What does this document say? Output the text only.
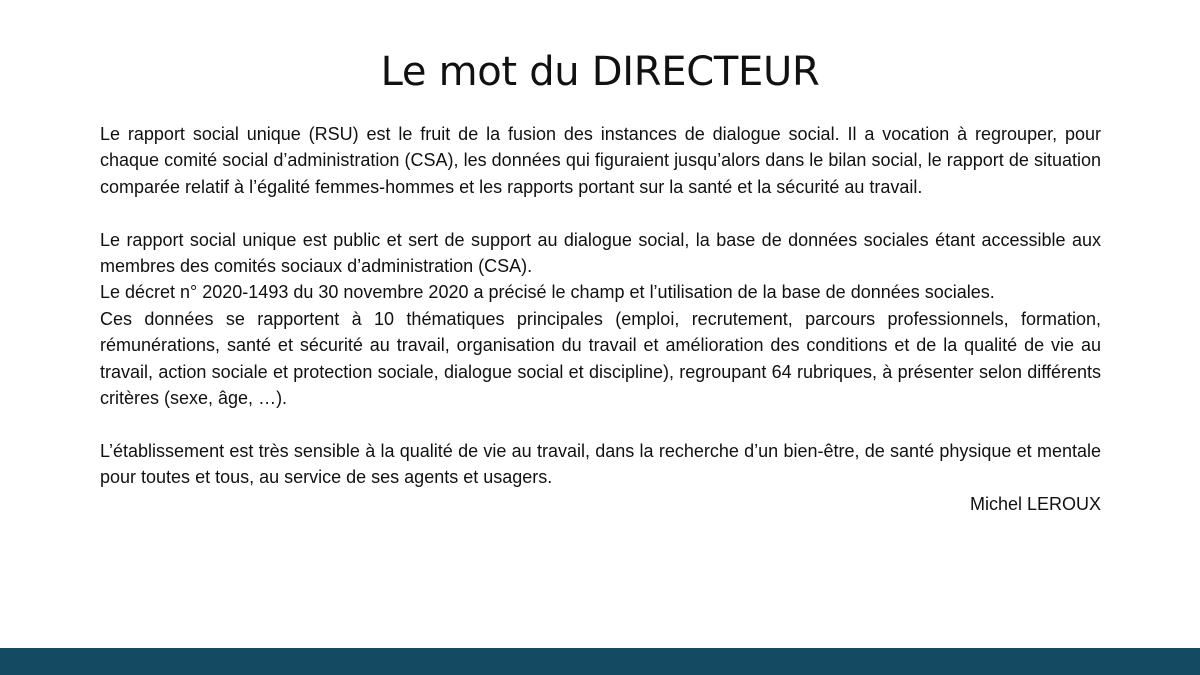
Le mot du DIRECTEUR

Le rapport social unique (RSU) est le fruit de la fusion des instances de dialogue social. Il a vocation à regrouper, pour chaque comité social d’administration (CSA), les données qui figuraient jusqu’alors dans le bilan social, le rapport de situation comparée relatif à l’égalité femmes-hommes et les rapports portant sur la santé et la sécurité au travail.

Le rapport social unique est public et sert de support au dialogue social, la base de données sociales étant accessible aux membres des comités sociaux d’administration (CSA).

Le décret n° 2020-1493 du 30 novembre 2020 a précisé le champ et l’utilisation de la base de données sociales.

Ces données se rapportent à 10 thématiques principales (emploi, recrutement, parcours professionnels, formation, rémunérations, santé et sécurité au travail, organisation du travail et amélioration des conditions et de la qualité de vie au travail, action sociale et protection sociale, dialogue social et discipline), regroupant 64 rubriques, à présenter selon différents critères (sexe, âge, …).

L’établissement est très sensible à la qualité de vie au travail, dans la recherche d’un bien-être, de santé physique et mentale pour toutes et tous, au service de ses agents et usagers.

Michel LEROUX
